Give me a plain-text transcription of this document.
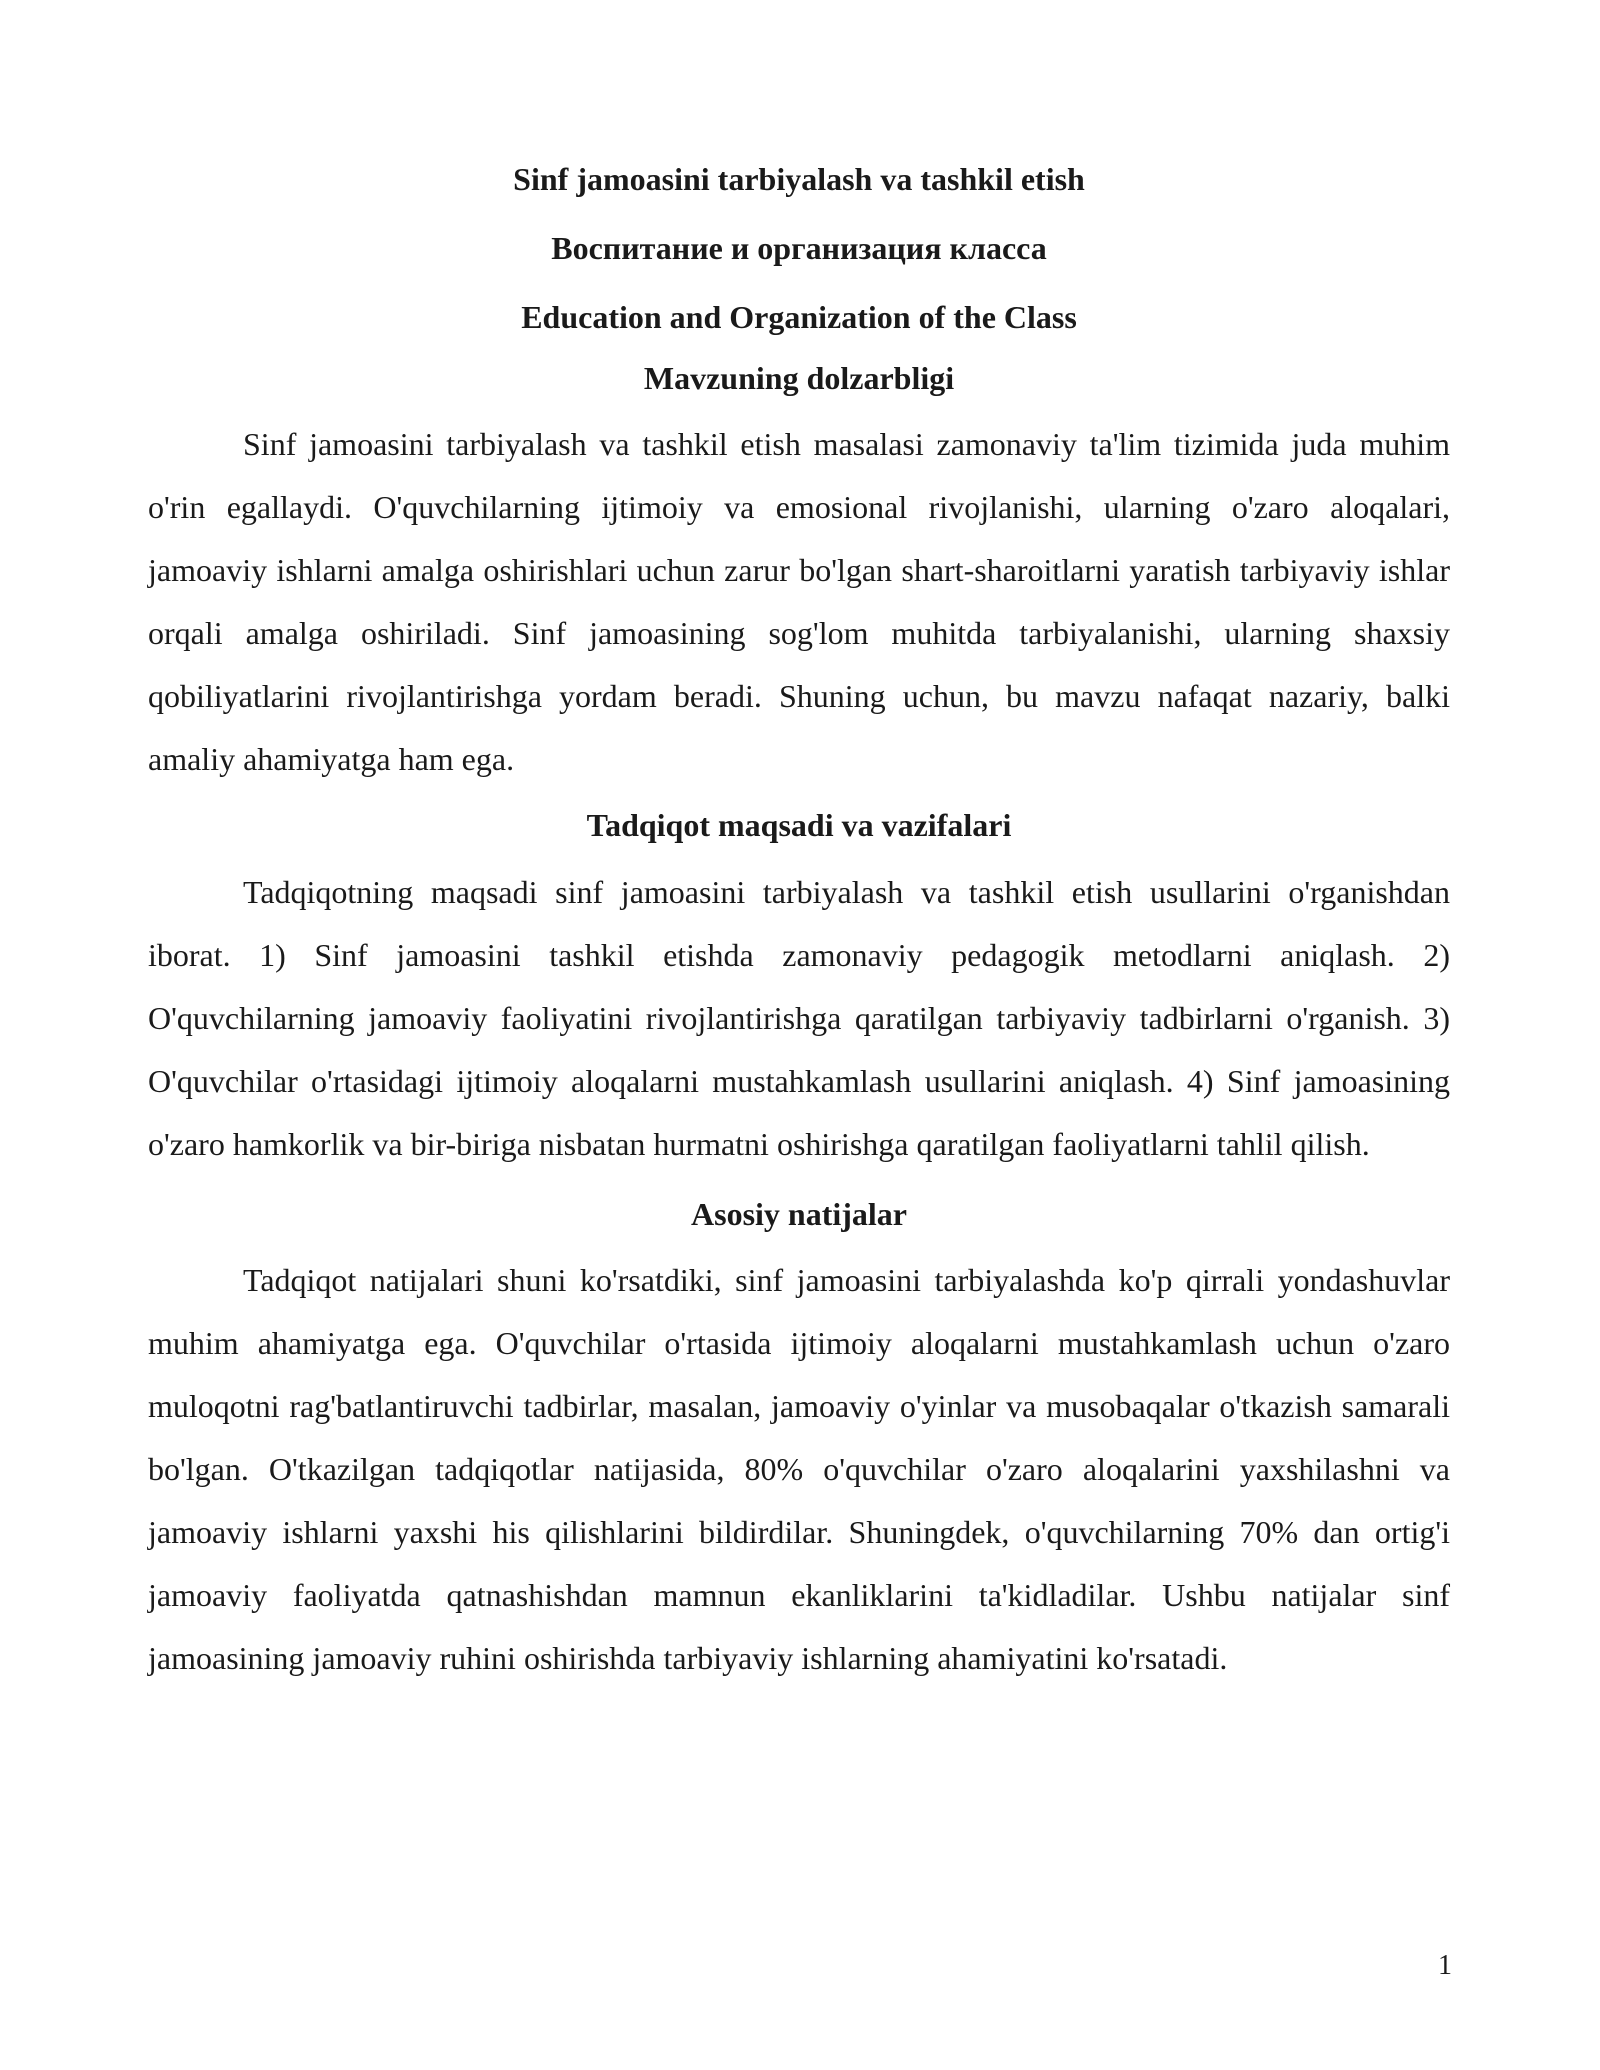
Sinf jamoasini tarbiyalash va tashkil etish

Воспитание и организация класса

Education and Organization of the Class

Mavzuning dolzarbligi

Sinf jamoasini tarbiyalash va tashkil etish masalasi zamonaviy ta'lim tizimida juda muhim o'rin egallaydi. O'quvchilarning ijtimoiy va emosional rivojlanishi, ularning o'zaro aloqalari, jamoaviy ishlarni amalga oshirishlari uchun zarur bo'lgan shart-sharoitlarni yaratish tarbiyaviy ishlar orqali amalga oshiriladi. Sinf jamoasining sog'lom muhitda tarbiyalanishi, ularning shaxsiy qobiliyatlarini rivojlantirishga yordam beradi. Shuning uchun, bu mavzu nafaqat nazariy, balki amaliy ahamiyatga ham ega.

Tadqiqot maqsadi va vazifalari

Tadqiqotning maqsadi sinf jamoasini tarbiyalash va tashkil etish usullarini o'rganishdan iborat. 1) Sinf jamoasini tashkil etishda zamonaviy pedagogik metodlarni aniqlash. 2) O'quvchilarning jamoaviy faoliyatini rivojlantirishga qaratilgan tarbiyaviy tadbirlarni o'rganish. 3) O'quvchilar o'rtasidagi ijtimoiy aloqalarni mustahkamlash usullarini aniqlash. 4) Sinf jamoasining o'zaro hamkorlik va bir-biriga nisbatan hurmatni oshirishga qaratilgan faoliyatlarni tahlil qilish.

Asosiy natijalar

Tadqiqot natijalari shuni ko'rsatdiki, sinf jamoasini tarbiyalashda ko'p qirrali yondashuvlar muhim ahamiyatga ega. O'quvchilar o'rtasida ijtimoiy aloqalarni mustahkamlash uchun o'zaro muloqotni rag'batlantiruvchi tadbirlar, masalan, jamoaviy o'yinlar va musobaqalar o'tkazish samarali bo'lgan. O'tkazilgan tadqiqotlar natijasida, 80% o'quvchilar o'zaro aloqalarini yaxshilashni va jamoaviy ishlarni yaxshi his qilishlarini bildirdilar. Shuningdek, o'quvchilarning 70% dan ortig'i jamoaviy faoliyatda qatnashishdan mamnun ekanliklarini ta'kidladilar. Ushbu natijalar sinf jamoasining jamoaviy ruhini oshirishda tarbiyaviy ishlarning ahamiyatini ko'rsatadi.

1
